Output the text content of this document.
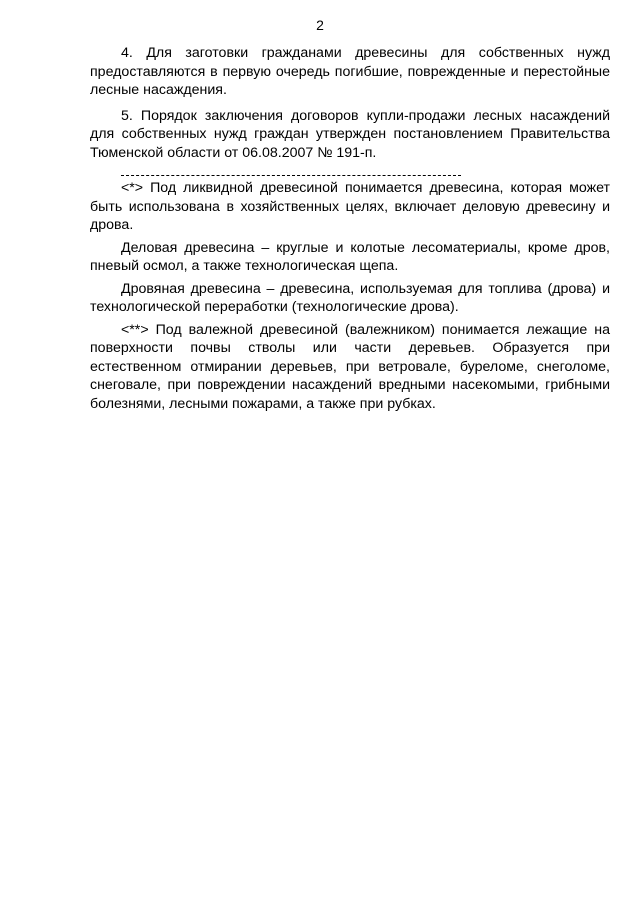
2

4. Для заготовки гражданами древесины для собственных нужд предоставляются в первую очередь погибшие, поврежденные и перестойные лесные насаждения.

5. Порядок заключения договоров купли-продажи лесных насаждений для собственных нужд граждан утвержден постановлением Правительства Тюменской области от 06.08.2007 № 191-п.

<*> Под ликвидной древесиной понимается древесина, которая может быть использована в хозяйственных целях, включает деловую древесину и дрова.

Деловая древесина – круглые и колотые лесоматериалы, кроме дров, пневый осмол, а также технологическая щепа.

Дровяная древесина – древесина, используемая для топлива (дрова) и технологической переработки (технологические дрова).

<**> Под валежной древесиной (валежником) понимается лежащие на поверхности почвы стволы или части деревьев. Образуется при естественном отмирании деревьев, при ветровале, буреломе, снеголоме, снеговале, при повреждении насаждений вредными насекомыми, грибными болезнями, лесными пожарами, а также при рубках.
